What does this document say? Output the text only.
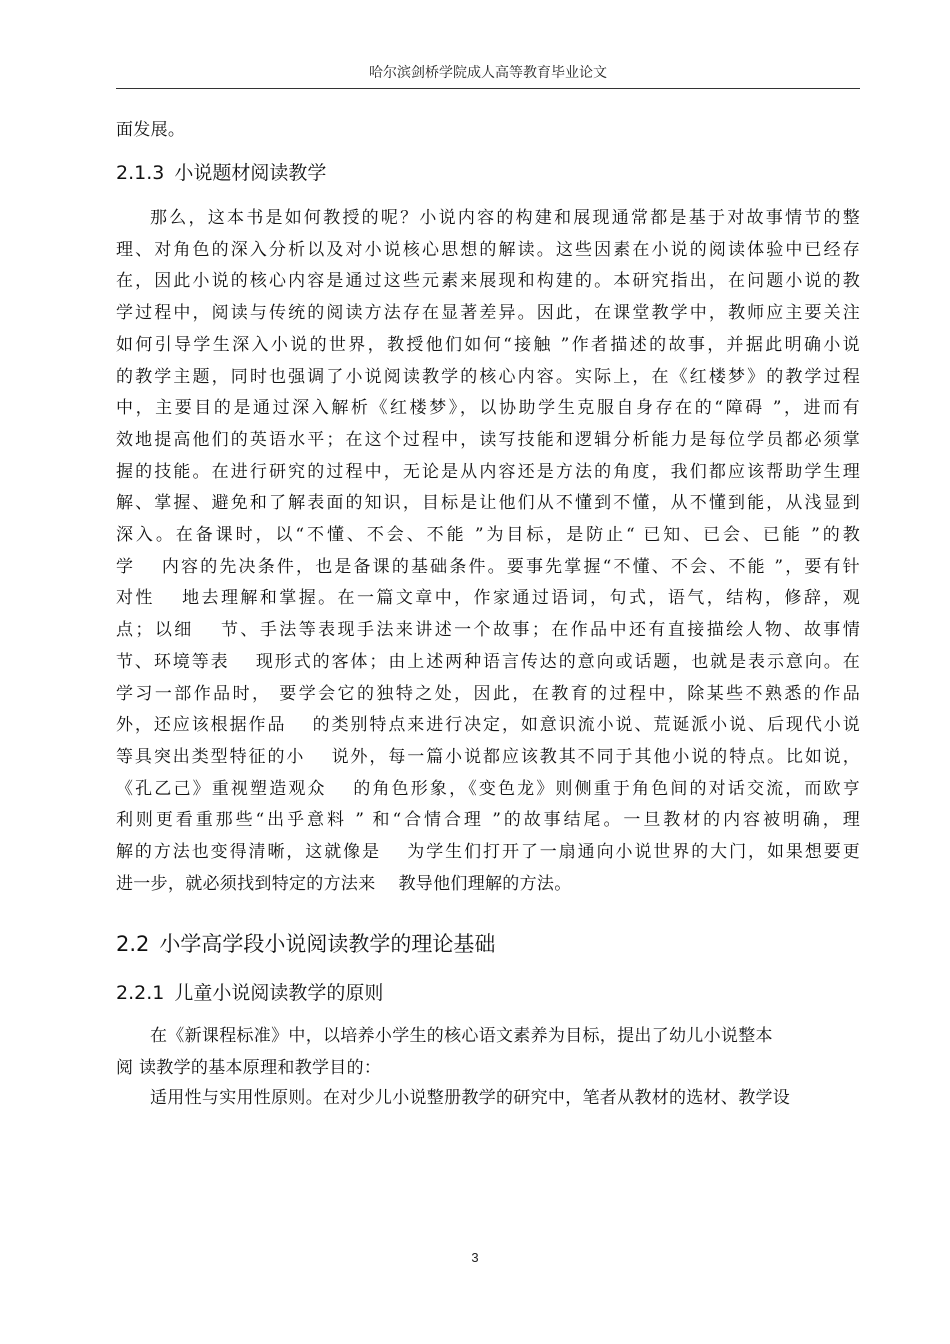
哈尔滨剑桥学院成人高等教育毕业论文
面发展。
2.1.3 小说题材阅读教学
那么，这本书是如何教授的呢？小说内容的构建和展现通常都是基于对故事情节的整
理、对角色的深入分析以及对小说核心思想的解读。这些因素在小说的阅读体验中已经存
在，因此小说的核心内容是通过这些元素来展现和构建的。本研究指出，在问题小说的教
学过程中，阅读与传统的阅读方法存在显著差异。因此，在课堂教学中，教师应主要关注
如何引导学生深入小说的世界，教授他们如何“接触 ”作者描述的故事，并据此明确小说
的教学主题，同时也强调了小说阅读教学的核心内容。实际上，在《红楼梦》的教学过程
中，主要目的是通过深入解析《红楼梦》，以协助学生克服自身存在的“障碍 ”，进而有
效地提高他们的英语水平；在这个过程中，读写技能和逻辑分析能力是每位学员都必须掌
握的技能。在进行研究的过程中，无论是从内容还是方法的角度，我们都应该帮助学生理
解、掌握、避免和了解表面的知识，目标是让他们从不懂到不懂，从不懂到能，从浅显到
深入。在备课时，以“不懂、不会、不能 ”为目标，是防止“ 已知、已会、已能 ”的教
学　 内容的先决条件，也是备课的基础条件。要事先掌握“不懂、不会、不能 ”，要有针
对性　 地去理解和掌握。在一篇文章中，作家通过语词，句式，语气，结构，修辞，观
点；以细　 节、手法等表现手法来讲述一个故事；在作品中还有直接描绘人物、故事情
节、环境等表　 现形式的客体；由上述两种语言传达的意向或话题，也就是表示意向。在
学习一部作品时， 要学会它的独特之处，因此，在教育的过程中，除某些不熟悉的作品
外，还应该根据作品　 的类别特点来进行决定，如意识流小说、荒诞派小说、后现代小说
等具突出类型特征的小　 说外，每一篇小说都应该教其不同于其他小说的特点。比如说，
《孔乙己》重视塑造观众　 的角色形象，《变色龙》则侧重于角色间的对话交流，而欧亨
利则更看重那些“出乎意料 ” 和“合情合理 ”的故事结尾。一旦教材的内容被明确，理
解的方法也变得清晰，这就像是　 为学生们打开了一扇通向小说世界的大门，如果想要更
进一步，就必须找到特定的方法来　 教导他们理解的方法。
2.2 小学高学段小说阅读教学的理论基础
2.2.1 儿童小说阅读教学的原则
在《新课程标准》中，以培养小学生的核心语文素养为目标，提出了幼儿小说整本
阅 读教学的基本原理和教学目的：
适用性与实用性原则。在对少儿小说整册教学的研究中，笔者从教材的选材、教学设
3
